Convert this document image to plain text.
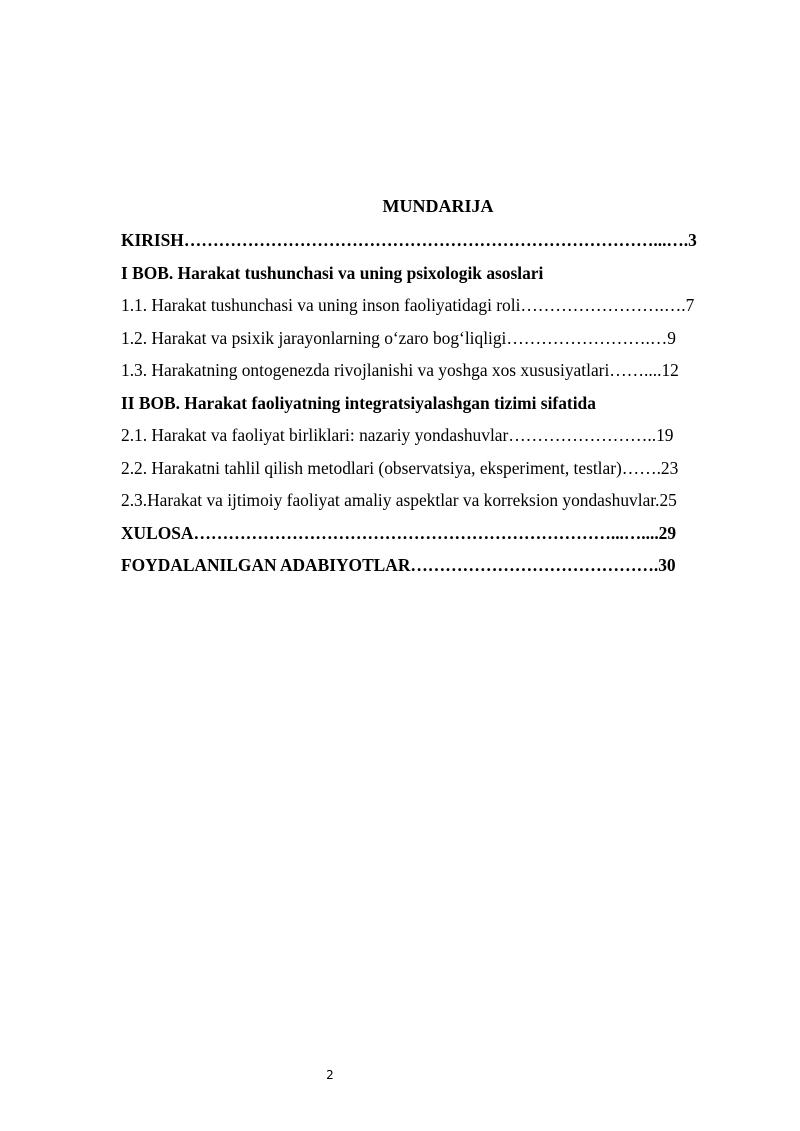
MUNDARIJA
KIRISH………………………………………………………………………...….3
I BOB. Harakat tushunchasi va uning psixologik asoslari
1.1. Harakat tushunchasi va uning inson faoliyatidagi roli…………………….….7
1.2. Harakat va psixik jarayonlarning o‘zaro bog‘liqligi…………………….…9
1.3. Harakatning ontogenezda rivojlanishi va yoshga xos xususiyatlari……....12
II BOB. Harakat faoliyatning integratsiyalashgan tizimi sifatida
2.1. Harakat va faoliyat birliklari: nazariy yondashuvlar……………………..19
2.2. Harakatni tahlil qilish metodlari (observatsiya, eksperiment, testlar)…….23
2.3.Harakat va ijtimoiy faoliyat amaliy aspektlar va korreksion yondashuvlar.25
XULOSA………………………………………………………………...…....29
FOYDALANILGAN ADABIYOTLAR…………………………………….30
2
